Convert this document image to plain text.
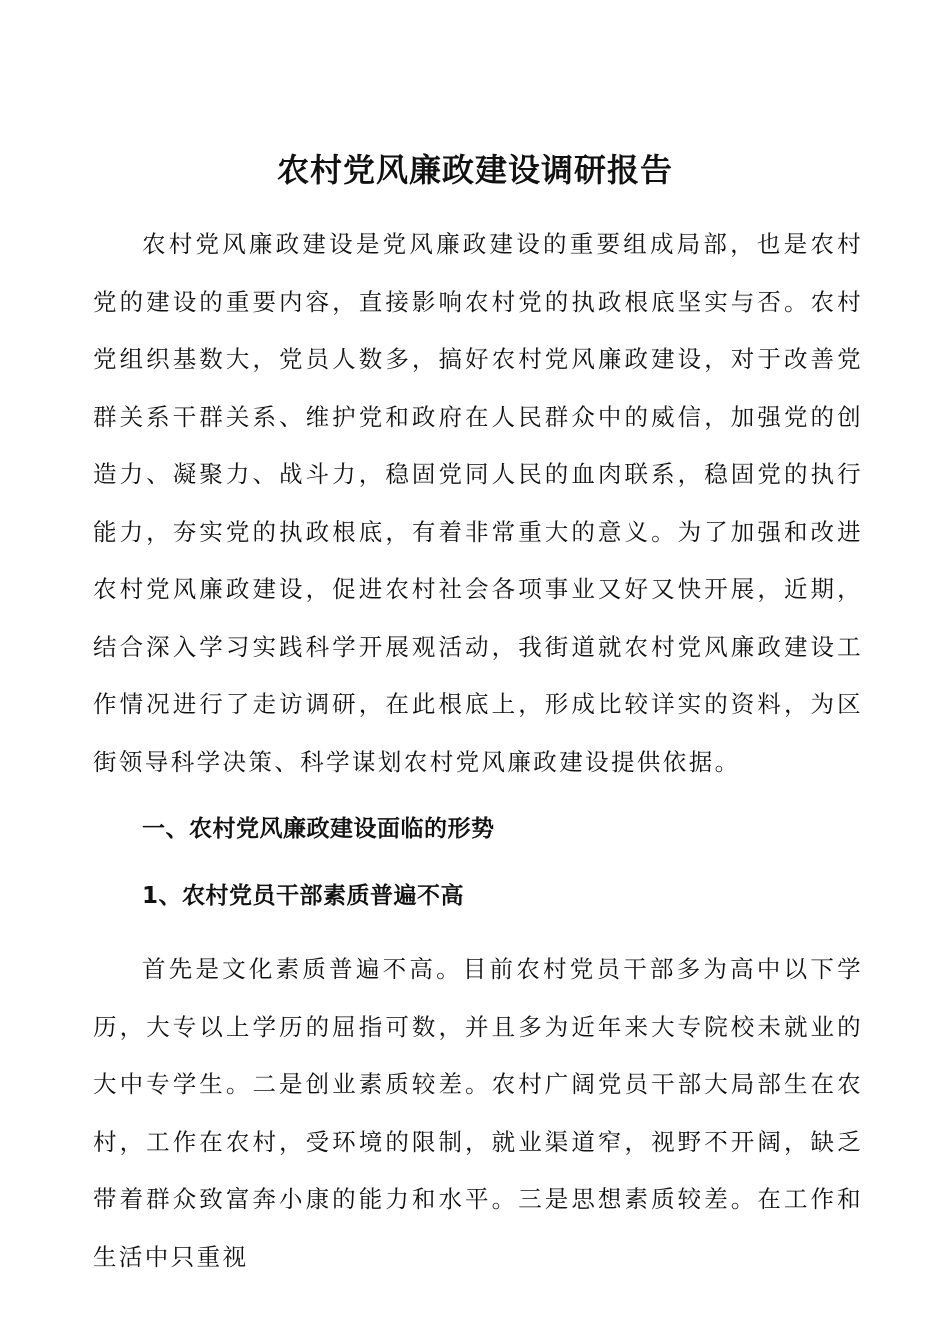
农村党风廉政建设调研报告

农村党风廉政建设是党风廉政建设的重要组成局部，也是农村党的建设的重要内容，直接影响农村党的执政根底坚实与否。农村党组织基数大，党员人数多，搞好农村党风廉政建设，对于改善党群关系干群关系、维护党和政府在人民群众中的威信，加强党的创造力、凝聚力、战斗力，稳固党同人民的血肉联系，稳固党的执行能力，夯实党的执政根底，有着非常重大的意义。为了加强和改进农村党风廉政建设，促进农村社会各项事业又好又快开展，近期，结合深入学习实践科学开展观活动，我街道就农村党风廉政建设工作情况进行了走访调研，在此根底上，形成比较详实的资料，为区街领导科学决策、科学谋划农村党风廉政建设提供依据。

一、农村党风廉政建设面临的形势
1、农村党员干部素质普遍不高

首先是文化素质普遍不高。目前农村党员干部多为高中以下学历，大专以上学历的屈指可数，并且多为近年来大专院校未就业的大中专学生。二是创业素质较差。农村广阔党员干部大局部生在农村，工作在农村，受环境的限制，就业渠道窄，视野不开阔，缺乏带着群众致富奔小康的能力和水平。三是思想素质较差。在工作和生活中只重视
